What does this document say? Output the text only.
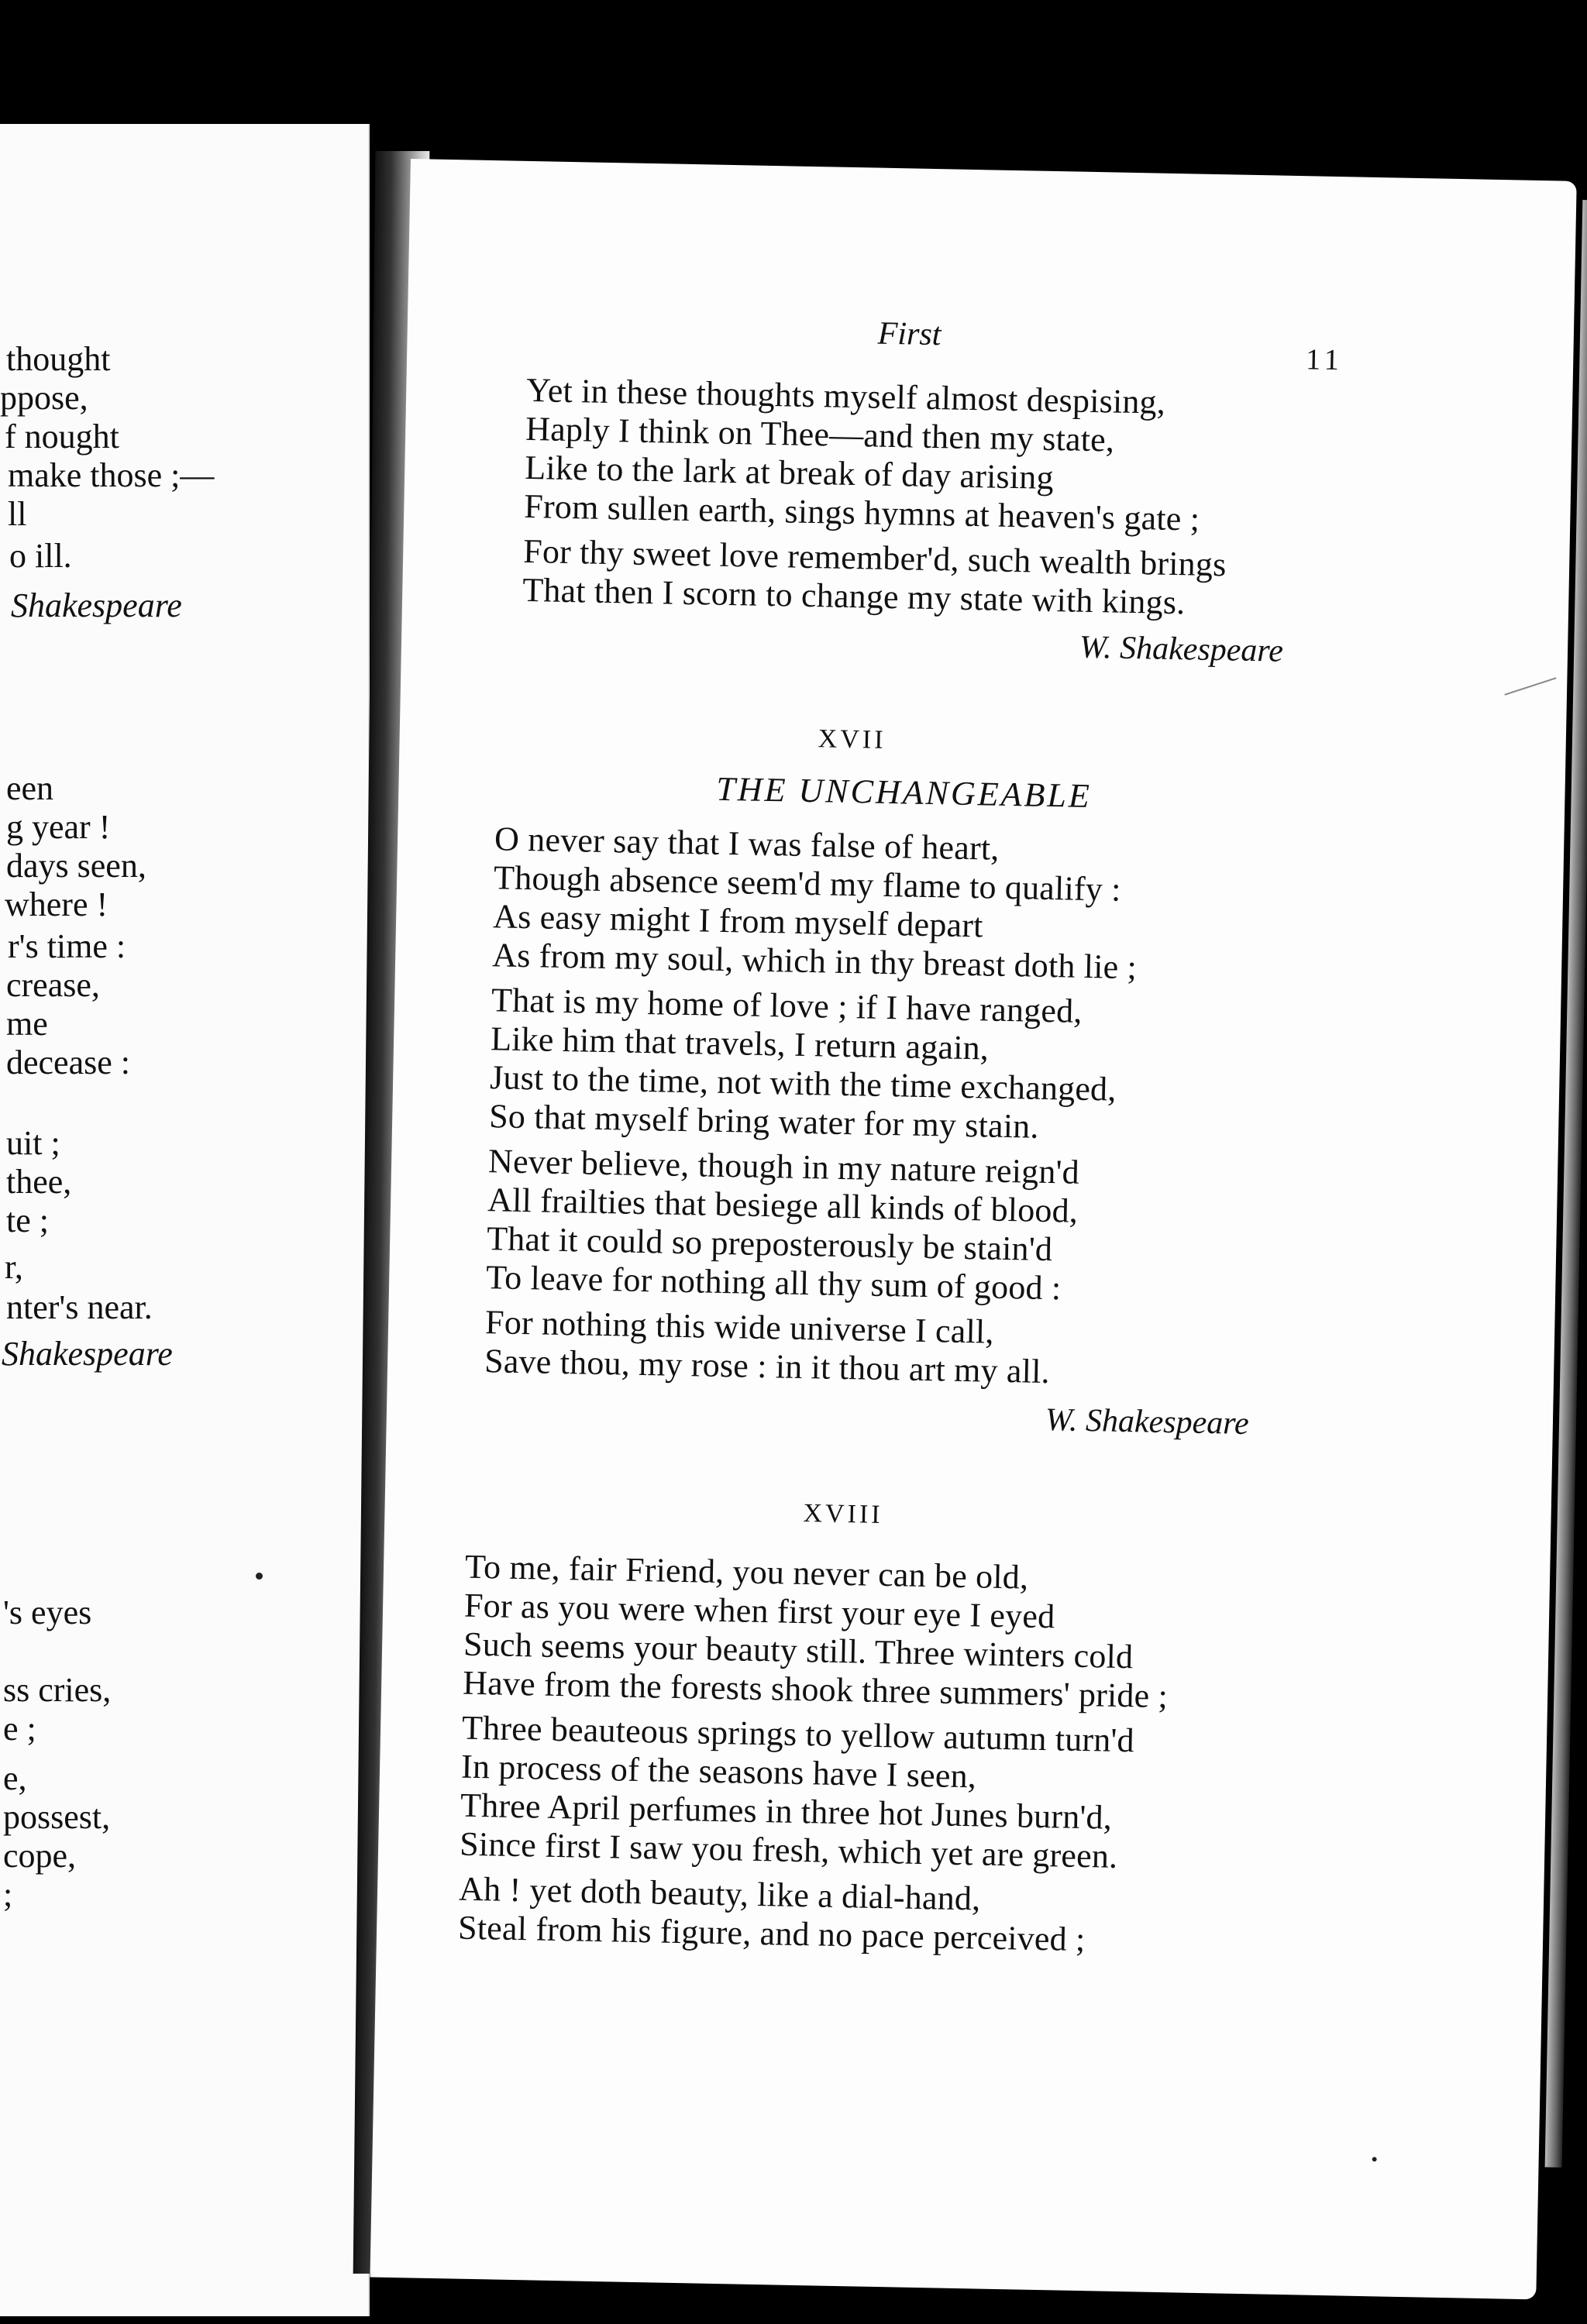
thought
ppose,
f nought
make those ;—
ll
o ill.
Shakespeare
een
g year !
days seen,
where !
r's time :
crease,
me
decease :
uit ;
thee,
te ;
r,
nter's near.
Shakespeare
's eyes
ss cries,
e ;
e,
possest,
cope,
;
First
11
Yet in these thoughts myself almost despising,
Haply I think on Thee—and then my state,
Like to the lark at break of day arising
From sullen earth, sings hymns at heaven's gate ;
For thy sweet love remember'd, such wealth brings
That then I scorn to change my state with kings.
W. Shakespeare
XVII
THE UNCHANGEABLE
O never say that I was false of heart,
Though absence seem'd my flame to qualify :
As easy might I from myself depart
As from my soul, which in thy breast doth lie ;
That is my home of love ; if I have ranged,
Like him that travels, I return again,
Just to the time, not with the time exchanged,
So that myself bring water for my stain.
Never believe, though in my nature reign'd
All frailties that besiege all kinds of blood,
That it could so preposterously be stain'd
To leave for nothing all thy sum of good :
For nothing this wide universe I call,
Save thou, my rose : in it thou art my all.
W. Shakespeare
XVIII
To me, fair Friend, you never can be old,
For as you were when first your eye I eyed
Such seems your beauty still. Three winters cold
Have from the forests shook three summers' pride ;
Three beauteous springs to yellow autumn turn'd
In process of the seasons have I seen,
Three April perfumes in three hot Junes burn'd,
Since first I saw you fresh, which yet are green.
Ah ! yet doth beauty, like a dial-hand,
Steal from his figure, and no pace perceived ;
